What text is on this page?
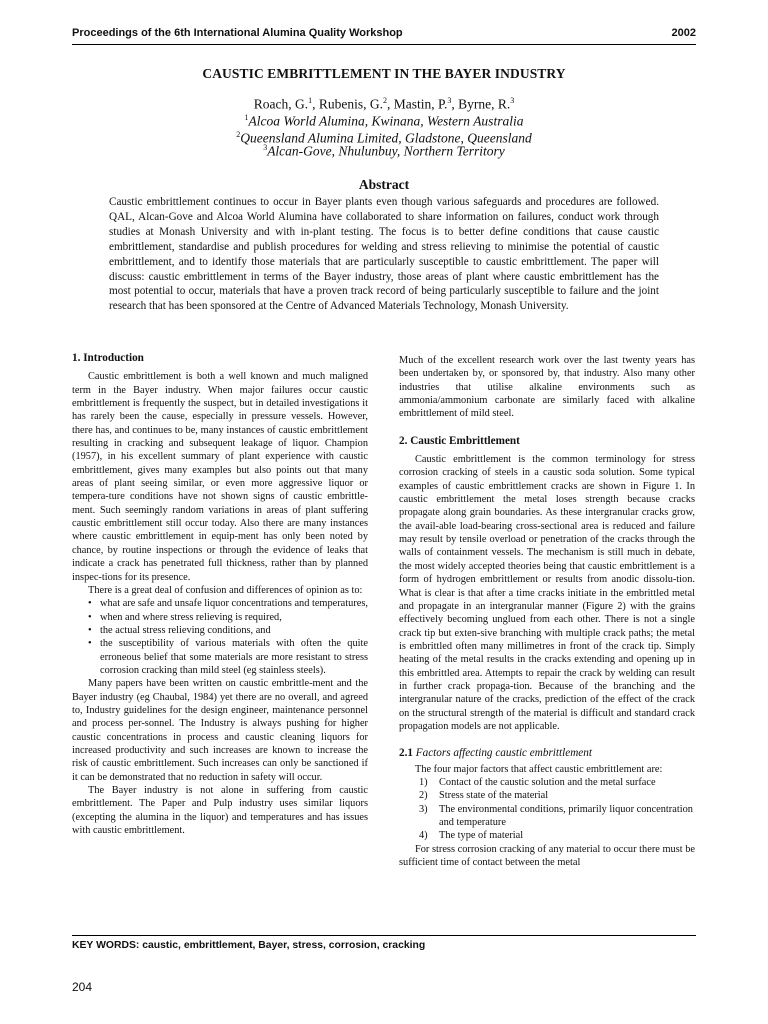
Proceedings of the 6th International Alumina Quality Workshop	2002
CAUSTIC EMBRITTLEMENT IN THE BAYER INDUSTRY
Roach, G.$^1$, Rubenis, G.$^2$, Mastin, P.$^3$, Byrne, R.$^3$
$^1$Alcoa World Alumina, Kwinana, Western Australia
$^2$Queensland Alumina Limited, Gladstone, Queensland
$^3$Alcan-Gove, Nhulunbuy, Northern Territory
Abstract
Caustic embrittlement continues to occur in Bayer plants even though various safeguards and procedures are followed. QAL, Alcan-Gove and Alcoa World Alumina have collaborated to share information on failures, conduct work through studies at Monash University and with in-plant testing. The focus is to better define conditions that cause caustic embrittlement, standardise and publish procedures for welding and stress relieving to minimise the potential of caustic embrittlement, and to identify those materials that are particularly susceptible to caustic embrittlement. The paper will discuss: caustic embrittlement in terms of the Bayer industry, those areas of plant where caustic embrittlement has the most potential to occur, materials that have a proven track record of being particularly susceptible to failure and the joint research that has been sponsored at the Centre of Advanced Materials Technology, Monash University.
1. Introduction

Caustic embrittlement is both a well known and much maligned term in the Bayer industry. When major failures occur caustic embrittlement is frequently the suspect, but in detailed investigations it has rarely been the cause, especially in pressure vessels. However, there has, and continues to be, many instances of caustic embrittlement resulting in cracking and subsequent leakage of liquor. Champion (1957), in his excellent summary of plant experience with caustic embrittlement, gives many examples but also points out that many areas of plant seeing similar, or even more aggressive liquor or tempera-ture conditions have not shown signs of caustic embrittle-ment. Such seemingly random variations in areas of plant suffering caustic embrittlement still occur today. Also there are many instances where caustic embrittlement in equip-ment has only been noted by chance, by routine inspections or through the evidence of leaks that indicate a crack has penetrated full thickness, rather than by planned inspec-tions for its presence.

There is a great deal of confusion and differences of opinion as to:

• what are safe and unsafe liquor concentrations and temperatures,
• when and where stress relieving is required,
• the actual stress relieving conditions, and
• the susceptibility of various materials with often the quite erroneous belief that some materials are more resistant to stress corrosion cracking than mild steel (eg stainless steels).

Many papers have been written on caustic embrittle-ment and the Bayer industry (eg Chaubal, 1984) yet there are no overall, and agreed to, Industry guidelines for the design engineer, maintenance personnel and process per-sonnel. The Industry is always pushing for higher caustic concentrations in process and caustic cleaning liquors for increased productivity and such increases are known to increase the risk of caustic embrittlement. Such increases can only be sanctioned if it can be demonstrated that no reduction in safety will occur.

The Bayer industry is not alone in suffering from caustic embrittlement. The Paper and Pulp industry uses similar liquors (excepting the alumina in the liquor) and temperatures and has issues with caustic embrittlement.

Much of the excellent research work over the last twenty years has been undertaken by, or sponsored by, that industry. Also many other industries that utilise alkaline environments such as ammonia/ammonium carbonate are similarly faced with alkaline embrittlement of mild steel.

2. Caustic Embrittlement

Caustic embrittlement is the common terminology for stress corrosion cracking of steels in a caustic soda solution. Some typical examples of caustic embrittlement cracks are shown in Figure 1. In caustic embrittlement the metal loses strength because cracks propagate along grain boundaries. As these intergranular cracks grow, the avail-able load-bearing cross-sectional area is reduced and failure may result by tensile overload or penetration of the cracks through the walls of containment vessels. The mechanism is still much in debate, the most widely accepted theories being that caustic embrittlement is a form of hydrogen embrittlement or results from anodic dissolu-tion. What is clear is that after a time cracks initiate in the embrittled metal and propagate in an intergranular manner (Figure 2) with the grains effectively becoming unglued from each other. There is not a single crack tip but exten-sive branching with multiple crack paths; the metal is embrittled often many millimetres in front of the crack tip. Simply heating of the metal results in the cracks extending and opening up in this embrittled area. Attempts to repair the crack by welding can result in further crack propaga-tion. Because of the branching and the intergranular nature of the cracks, prediction of the effect of the crack on the structural strength of the material is difficult and standard crack propagation models are not applicable.

2.1 Factors affecting caustic embrittlement

The four major factors that affect caustic embrittlement are:

1) Contact of the caustic solution and the metal surface
2) Stress state of the material
3) The environmental conditions, primarily liquor concentration and temperature
4) The type of material

For stress corrosion cracking of any material to occur there must be sufficient time of contact between the metal

KEY WORDS: caustic, embrittlement, Bayer, stress, corrosion, cracking
204
